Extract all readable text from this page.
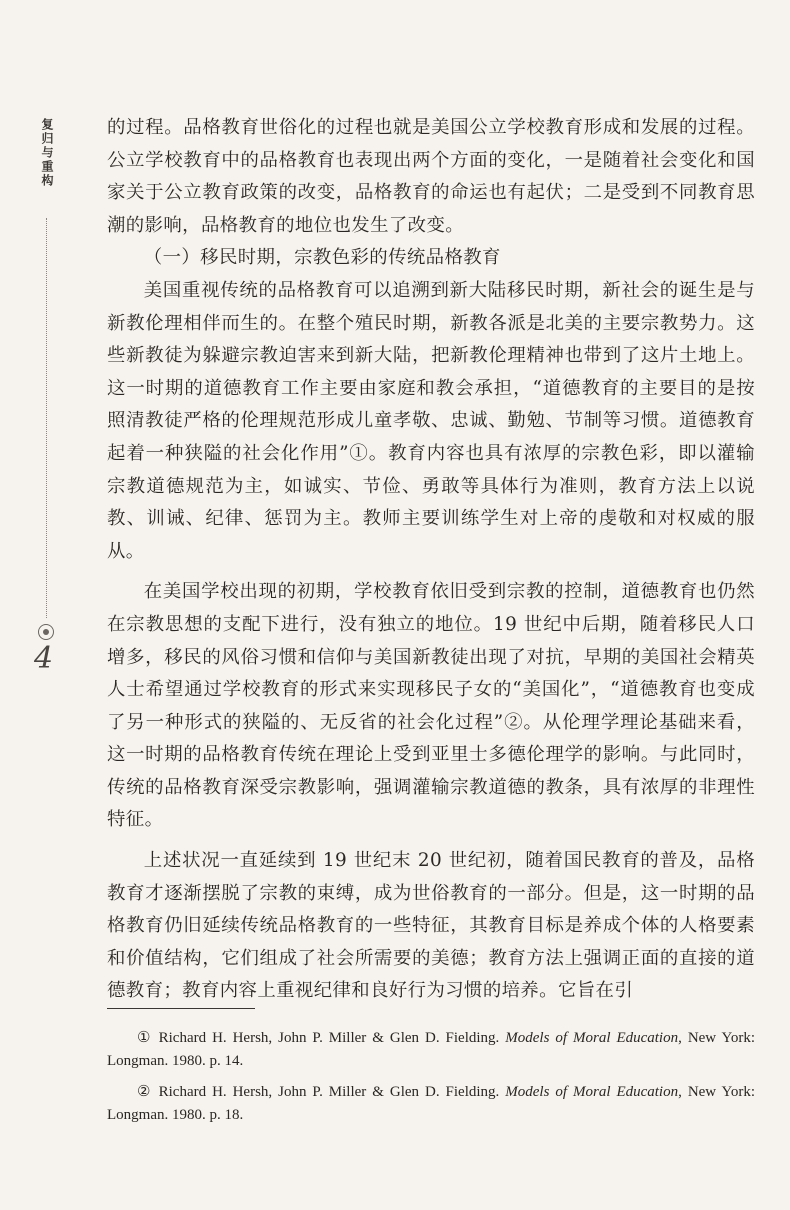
复归与重构
4

的过程。品格教育世俗化的过程也就是美国公立学校教育形成和发展的过程。公立学校教育中的品格教育也表现出两个方面的变化，一是随着社会变化和国家关于公立教育政策的改变，品格教育的命运也有起伏；二是受到不同教育思潮的影响，品格教育的地位也发生了改变。

（一）移民时期，宗教色彩的传统品格教育

美国重视传统的品格教育可以追溯到新大陆移民时期，新社会的诞生是与新教伦理相伴而生的。在整个殖民时期，新教各派是北美的主要宗教势力。这些新教徒为躲避宗教迫害来到新大陆，把新教伦理精神也带到了这片土地上。这一时期的道德教育工作主要由家庭和教会承担，“道德教育的主要目的是按照清教徒严格的伦理规范形成儿童孝敬、忠诚、勤勉、节制等习惯。道德教育起着一种狭隘的社会化作用”①。教育内容也具有浓厚的宗教色彩，即以灌输宗教道德规范为主，如诚实、节俭、勇敢等具体行为准则，教育方法上以说教、训诫、纪律、惩罚为主。教师主要训练学生对上帝的虔敬和对权威的服从。

在美国学校出现的初期，学校教育依旧受到宗教的控制，道德教育也仍然在宗教思想的支配下进行，没有独立的地位。19 世纪中后期，随着移民人口增多，移民的风俗习惯和信仰与美国新教徒出现了对抗，早期的美国社会精英人士希望通过学校教育的形式来实现移民子女的“美国化”，“道德教育也变成了另一种形式的狭隘的、无反省的社会化过程”②。从伦理学理论基础来看，这一时期的品格教育传统在理论上受到亚里士多德伦理学的影响。与此同时，传统的品格教育深受宗教影响，强调灌输宗教道德的教条，具有浓厚的非理性特征。

上述状况一直延续到 19 世纪末 20 世纪初，随着国民教育的普及，品格教育才逐渐摆脱了宗教的束缚，成为世俗教育的一部分。但是，这一时期的品格教育仍旧延续传统品格教育的一些特征，其教育目标是养成个体的人格要素和价值结构，它们组成了社会所需要的美德；教育方法上强调正面的直接的道德教育；教育内容上重视纪律和良好行为习惯的培养。它旨在引

① Richard H. Hersh, John P. Miller & Glen D. Fielding. Models of Moral Education, New York: Longman. 1980. p. 14.

② Richard H. Hersh, John P. Miller & Glen D. Fielding. Models of Moral Education, New York: Longman. 1980. p. 18.
